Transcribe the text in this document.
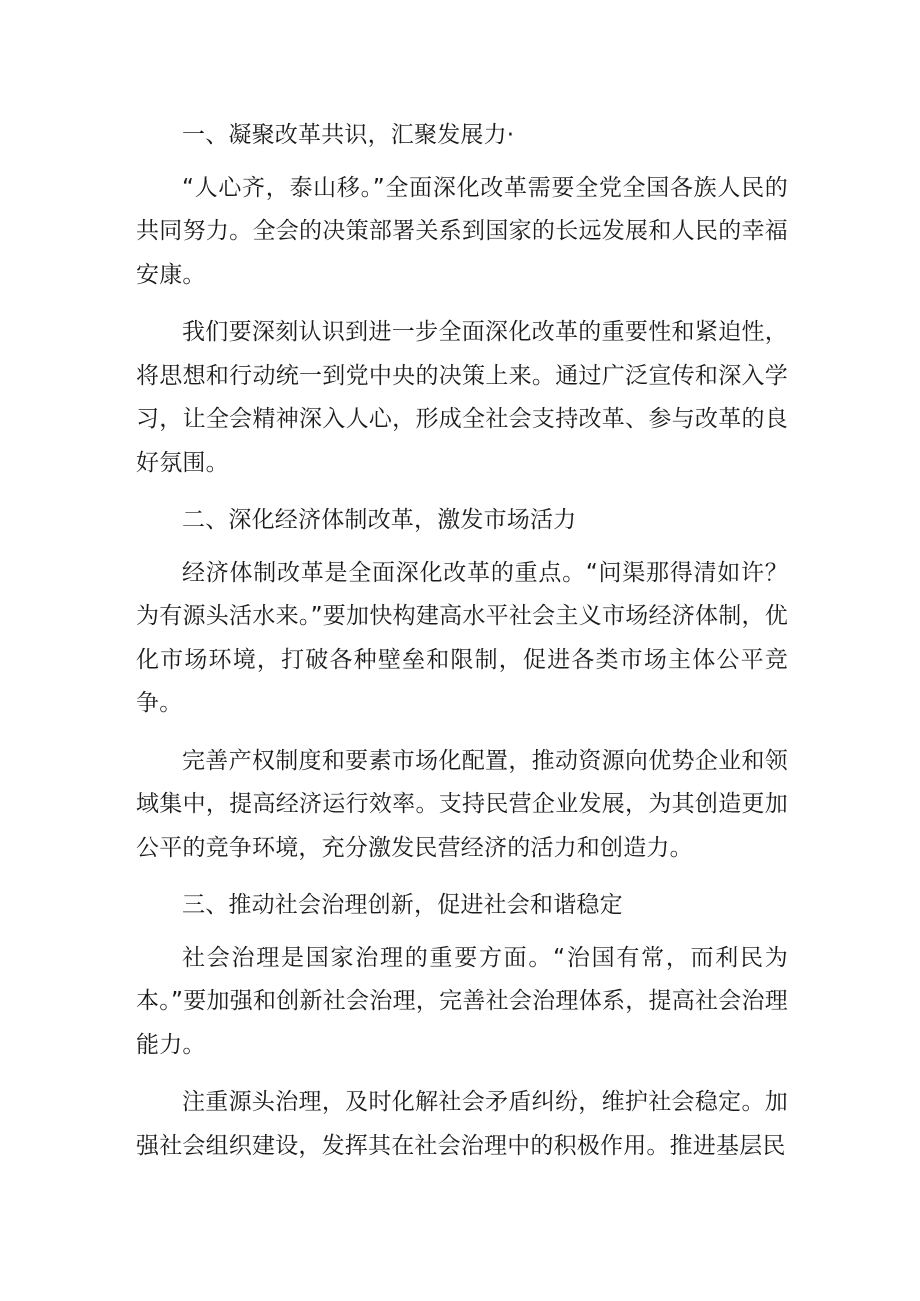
一、凝聚改革共识，汇聚发展力·

“人心齐，泰山移。”全面深化改革需要全党全国各族人民的共同努力。全会的决策部署关系到国家的长远发展和人民的幸福安康。

我们要深刻认识到进一步全面深化改革的重要性和紧迫性，将思想和行动统一到党中央的决策上来。通过广泛宣传和深入学习，让全会精神深入人心，形成全社会支持改革、参与改革的良好氛围。

二、深化经济体制改革，激发市场活力

经济体制改革是全面深化改革的重点。“问渠那得清如许？为有源头活水来。”要加快构建高水平社会主义市场经济体制，优化市场环境，打破各种壁垒和限制，促进各类市场主体公平竞争。

完善产权制度和要素市场化配置，推动资源向优势企业和领域集中，提高经济运行效率。支持民营企业发展，为其创造更加公平的竞争环境，充分激发民营经济的活力和创造力。

三、推动社会治理创新，促进社会和谐稳定

社会治理是国家治理的重要方面。“治国有常，而利民为本。”要加强和创新社会治理，完善社会治理体系，提高社会治理能力。

注重源头治理，及时化解社会矛盾纠纷，维护社会稳定。加强社会组织建设，发挥其在社会治理中的积极作用。推进基层民
